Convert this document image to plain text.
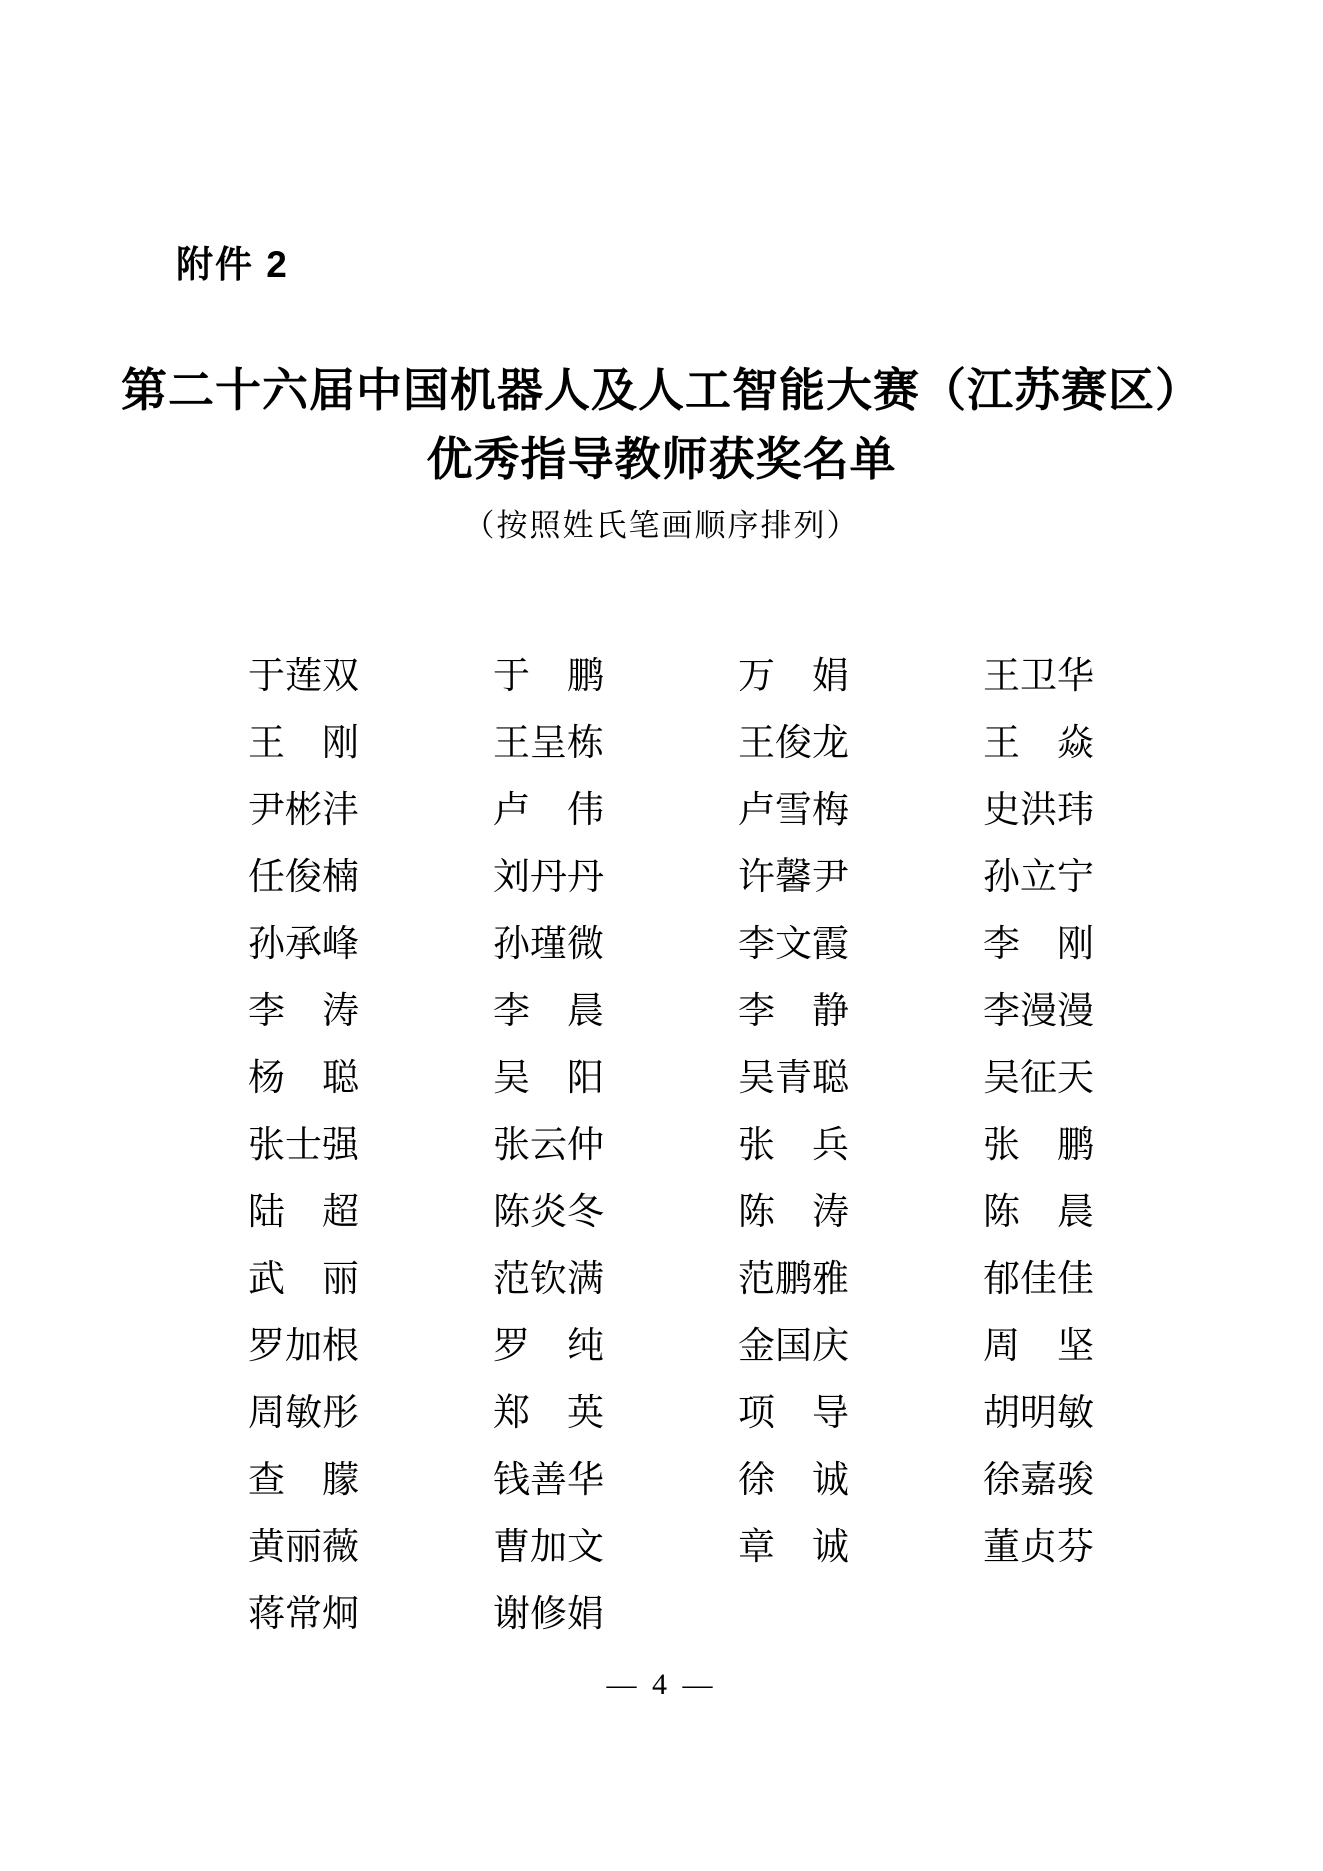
附件 2
第二十六届中国机器人及人工智能大赛（江苏赛区）
优秀指导教师获奖名单
（按照姓氏笔画顺序排列）
于莲双	于　鹏	万　娟	王卫华
王　刚	王呈栋	王俊龙	王　焱
尹彬沣	卢　伟	卢雪梅	史洪玮
任俊楠	刘丹丹	许馨尹	孙立宁
孙承峰	孙瑾微	李文霞	李　刚
李　涛	李　晨	李　静	李漫漫
杨　聪	吴　阳	吴青聪	吴征天
张士强	张云仲	张　兵	张　鹏
陆　超	陈炎冬	陈　涛	陈　晨
武　丽	范钦满	范鹏雅	郁佳佳
罗加根	罗　纯	金国庆	周　坚
周敏彤	郑　英	项　导	胡明敏
查　朦	钱善华	徐　诚	徐嘉骏
黄丽薇	曹加文	章　诚	董贞芬
蒋常炯	谢修娟
— 4 —
